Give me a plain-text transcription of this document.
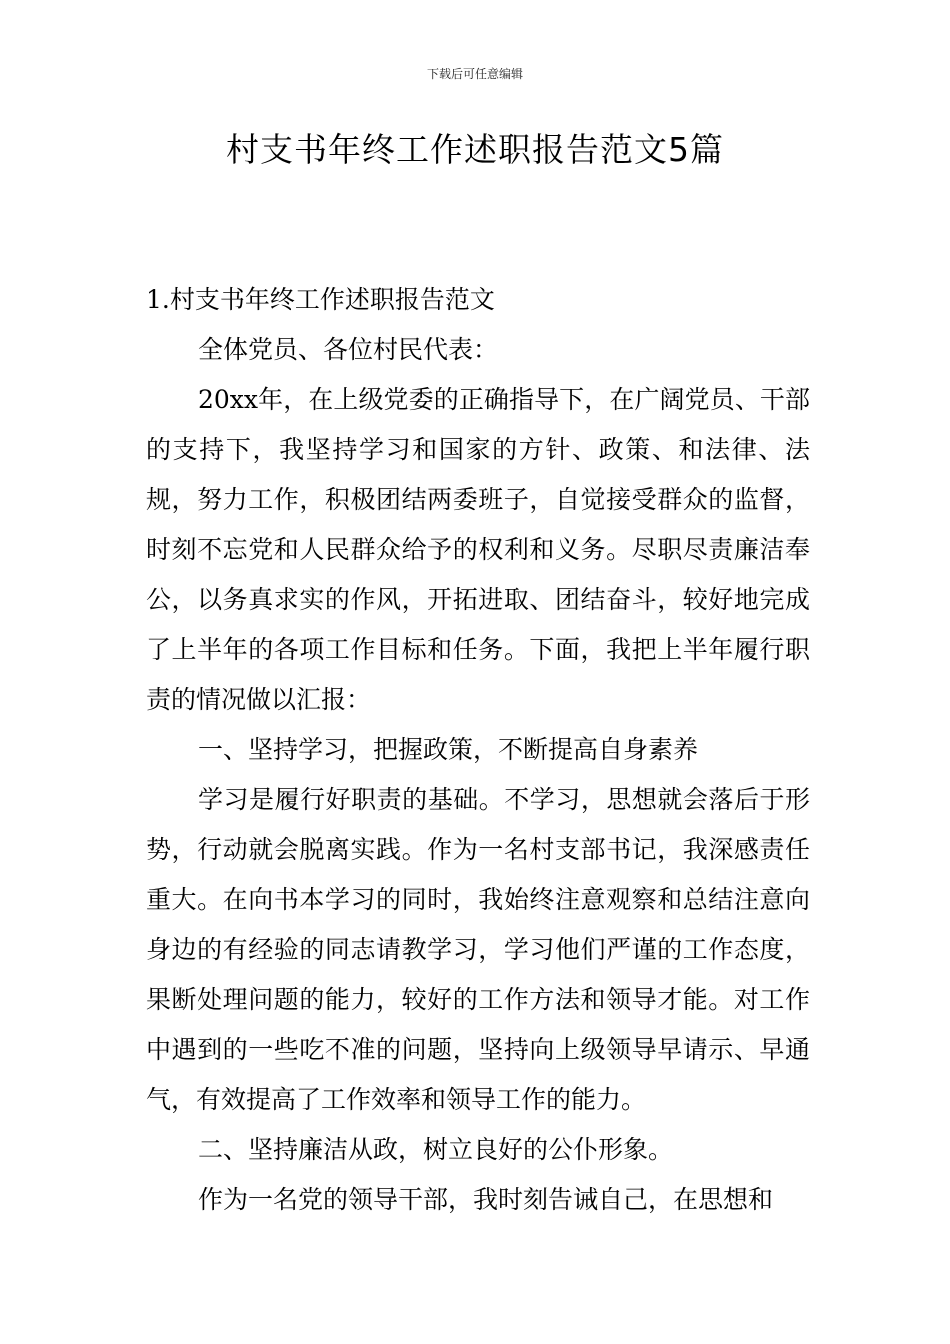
下载后可任意编辑
村支书年终工作述职报告范文5篇

1.村支书年终工作述职报告范文

全体党员、各位村民代表：

20xx年，在上级党委的正确指导下，在广阔党员、干部的支持下，我坚持学习和国家的方针、政策、和法律、法规，努力工作，积极团结两委班子，自觉接受群众的监督，时刻不忘党和人民群众给予的权利和义务。尽职尽责廉洁奉公，以务真求实的作风，开拓进取、团结奋斗，较好地完成了上半年的各项工作目标和任务。下面，我把上半年履行职责的情况做以汇报：

一、坚持学习，把握政策，不断提高自身素养

学习是履行好职责的基础。不学习，思想就会落后于形势，行动就会脱离实践。作为一名村支部书记，我深感责任重大。在向书本学习的同时，我始终注意观察和总结注意向身边的有经验的同志请教学习，学习他们严谨的工作态度，果断处理问题的能力，较好的工作方法和领导才能。对工作中遇到的一些吃不准的问题，坚持向上级领导早请示、早通气，有效提高了工作效率和领导工作的能力。

二、坚持廉洁从政，树立良好的公仆形象。

作为一名党的领导干部，我时刻告诫自己，在思想和
